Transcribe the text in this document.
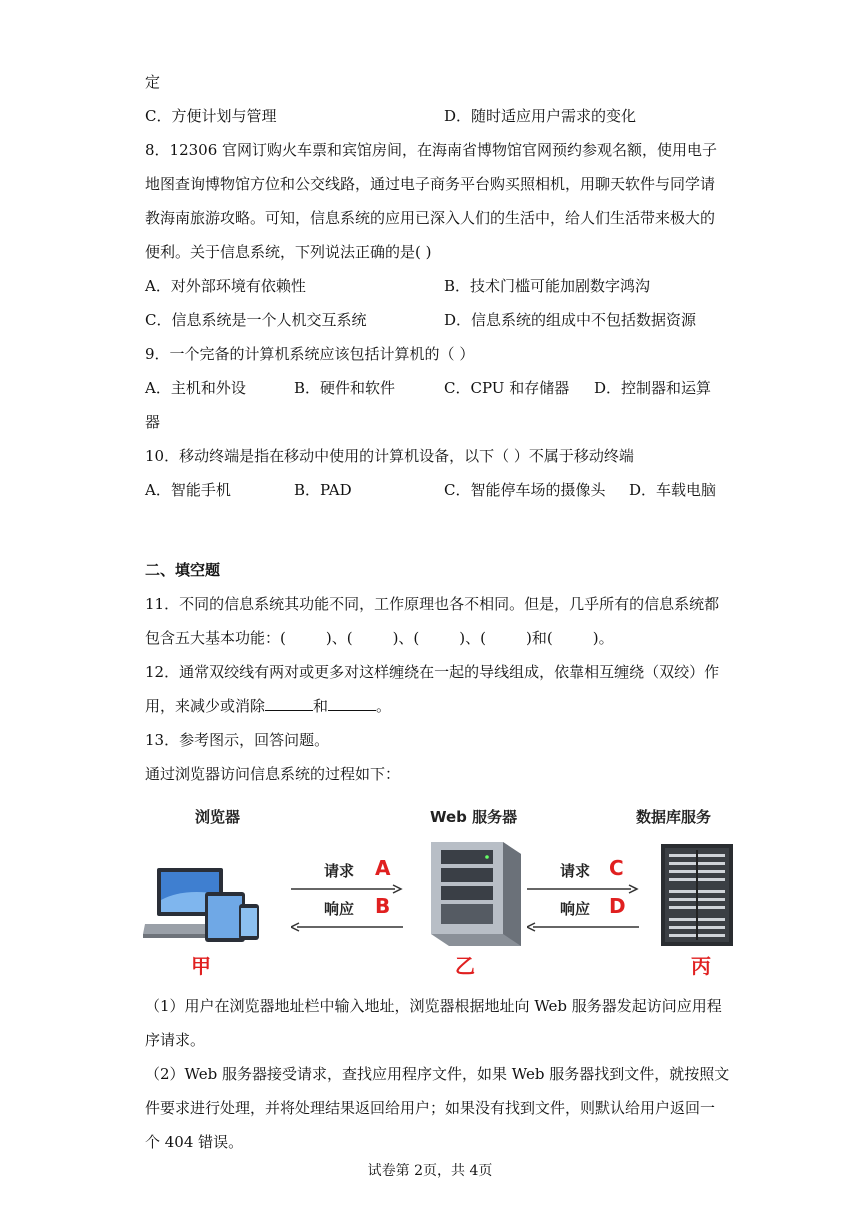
定
C．方便计划与管理	D．随时适应用户需求的变化
8．12306 官网订购火车票和宾馆房间，在海南省博物馆官网预约参观名额，使用电子
地图查询博物馆方位和公交线路，通过电子商务平台购买照相机，用聊天软件与同学请
教海南旅游攻略。可知，信息系统的应用已深入人们的生活中，给人们生活带来极大的
便利。关于信息系统，下列说法正确的是( )
A．对外部环境有依赖性	B．技术门槛可能加剧数字鸿沟
C．信息系统是一个人机交互系统	D．信息系统的组成中不包括数据资源
9．一个完备的计算机系统应该包括计算机的（ ）
A．主机和外设	B．硬件和软件	C．CPU 和存储器 D．控制器和运算
器
10．移动终端是指在移动中使用的计算机设备，以下（ ）不属于移动终端
A．智能手机	B．PAD	C．智能停车场的摄像头 D．车载电脑
二、填空题
11．不同的信息系统其功能不同，工作原理也各不相同。但是，几乎所有的信息系统都
包含五大基本功能：(	)、(	)、(	)、(	)和(	)。
12．通常双绞线有两对或更多对这样缠绕在一起的导线组成，依靠相互缠绕（双绞）作
用，来减少或消除	和	。
13．参考图示，回答问题。
通过浏览器访问信息系统的过程如下：
浏览器	Web 服务器	数据库服务
请求 A
响应 B
请求 C
响应 D
甲	乙	丙
（1）用户在浏览器地址栏中输入地址，浏览器根据地址向 Web 服务器发起访问应用程
序请求。
（2）Web 服务器接受请求，查找应用程序文件，如果 Web 服务器找到文件，就按照文
件要求进行处理，并将处理结果返回给用户；如果没有找到文件，则默认给用户返回一
个 404 错误。
试卷第 2页，共 4页
